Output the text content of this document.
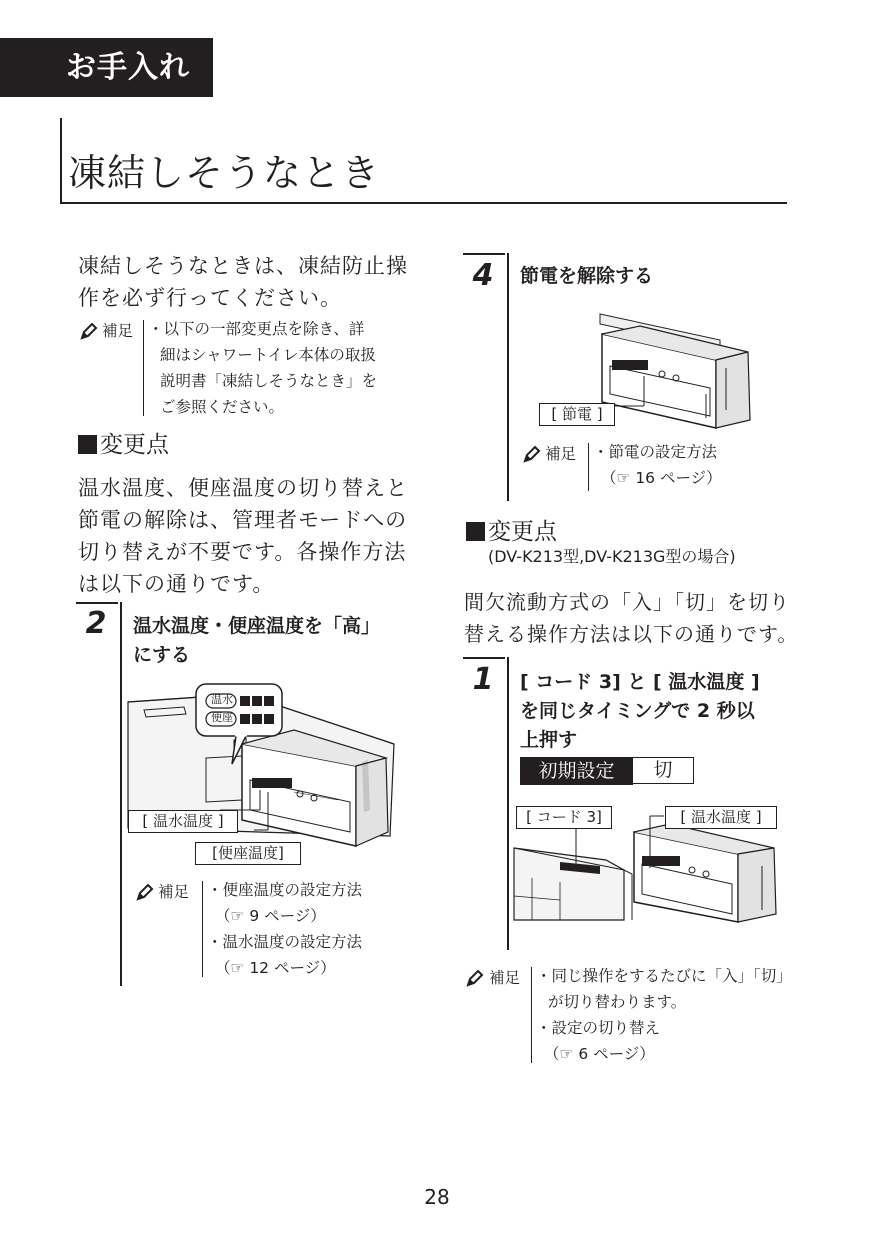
お手入れ
凍結しそうなとき
凍結しそうなときは、凍結防止操
作を必ず行ってください。
補足 ・以下の一部変更点を除き、詳
細はシャワートイレ本体の取扱
説明書「凍結しそうなとき」を
ご参照ください。
変更点
温水温度、便座温度の切り替えと
節電の解除は、管理者モードへの
切り替えが不要です。各操作方法
は以下の通りです。
2	温水温度・便座温度を「高」
にする
温水
便座
[ 温水温度 ]
[便座温度]
補足 ・便座温度の設定方法
（☞ 9 ページ）
・温水温度の設定方法
（☞ 12 ページ）
4	節電を解除する
[ 節電 ]
補足 ・節電の設定方法
（☞ 16 ページ）
変更点
(DV-K213型,DV-K213G型の場合)
間欠流動方式の「入」「切」を切り
替える操作方法は以下の通りです。
1	[ コード 3] と [ 温水温度 ]
を同じタイミングで 2 秒以
上押す
初期設定	切
[ コード 3]	[ 温水温度 ]
補足 ・同じ操作をするたびに「入」「切」
が切り替わります。
・設定の切り替え
（☞ 6 ページ）
28
